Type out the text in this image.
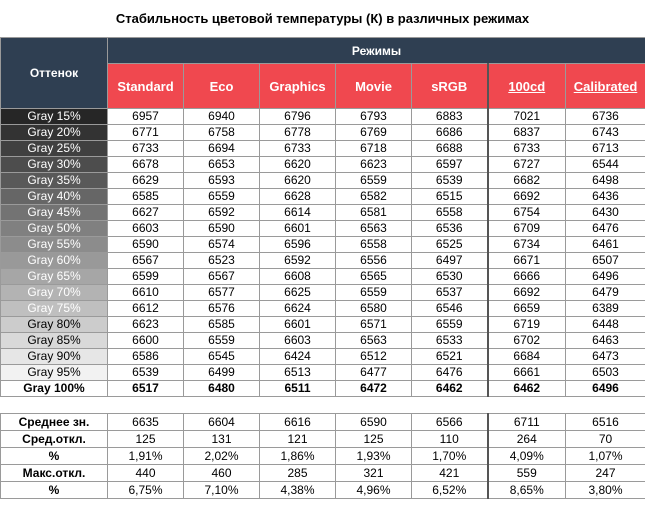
Стабильность цветовой температуры (К) в различных режимах
Оттенок	Режимы						
	Standard	Eco	Graphics	Movie	sRGB	100cd	Calibrated
Gray 15%	6957	6940	6796	6793	6883	7021	6736
Gray 20%	6771	6758	6778	6769	6686	6837	6743
Gray 25%	6733	6694	6733	6718	6688	6733	6713
Gray 30%	6678	6653	6620	6623	6597	6727	6544
Gray 35%	6629	6593	6620	6559	6539	6682	6498
Gray 40%	6585	6559	6628	6582	6515	6692	6436
Gray 45%	6627	6592	6614	6581	6558	6754	6430
Gray 50%	6603	6590	6601	6563	6536	6709	6476
Gray 55%	6590	6574	6596	6558	6525	6734	6461
Gray 60%	6567	6523	6592	6556	6497	6671	6507
Gray 65%	6599	6567	6608	6565	6530	6666	6496
Gray 70%	6610	6577	6625	6559	6537	6692	6479
Gray 75%	6612	6576	6624	6580	6546	6659	6389
Gray 80%	6623	6585	6601	6571	6559	6719	6448
Gray 85%	6600	6559	6603	6563	6533	6702	6463
Gray 90%	6586	6545	6424	6512	6521	6684	6473
Gray 95%	6539	6499	6513	6477	6476	6661	6503
Gray 100%	6517	6480	6511	6472	6462	6462	6496

Среднее зн.	6635	6604	6616	6590	6566	6711	6516
Сред.откл.	125	131	121	125	110	264	70
%	1,91%	2,02%	1,86%	1,93%	1,70%	4,09%	1,07%
Макс.откл.	440	460	285	321	421	559	247
%	6,75%	7,10%	4,38%	4,96%	6,52%	8,65%	3,80%
